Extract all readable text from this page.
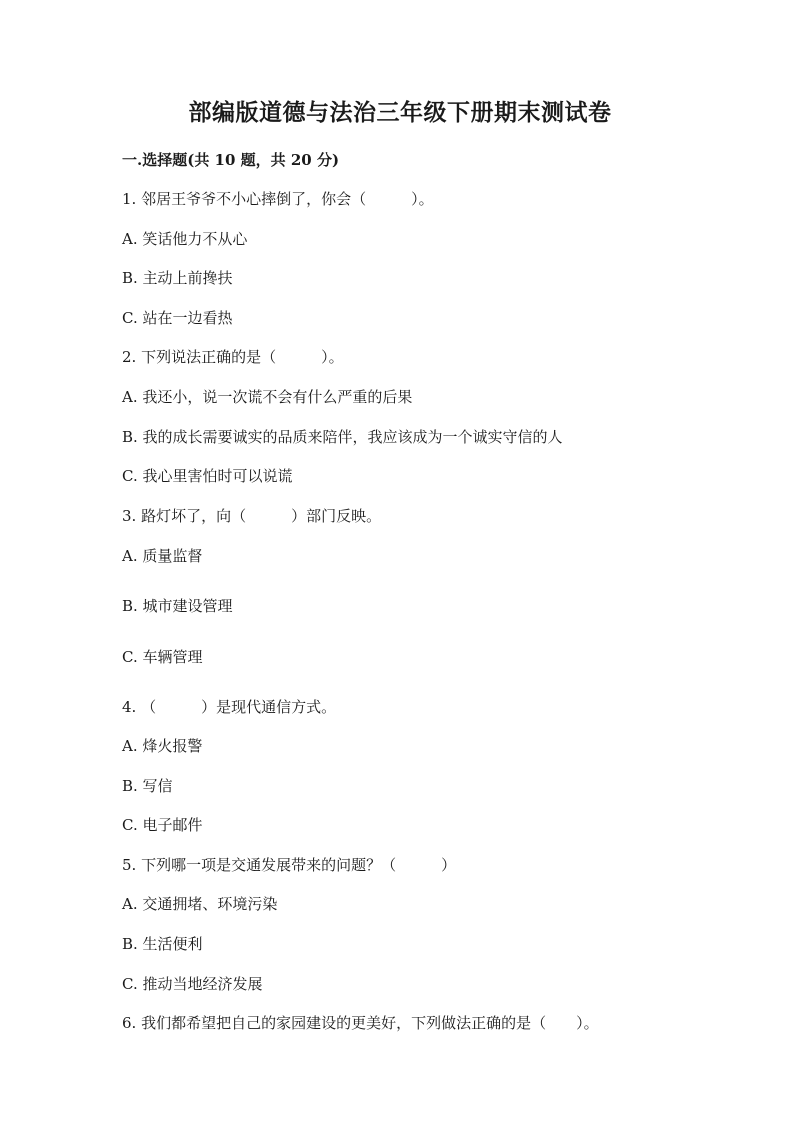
部编版道德与法治三年级下册期末测试卷
一.选择题(共 10 题，共 20 分)
1. 邻居王爷爷不小心摔倒了，你会（　　　）。
A. 笑话他力不从心
B. 主动上前搀扶
C. 站在一边看热
2. 下列说法正确的是（　　　）。
A. 我还小，说一次谎不会有什么严重的后果
B. 我的成长需要诚实的品质来陪伴，我应该成为一个诚实守信的人
C. 我心里害怕时可以说谎
3. 路灯坏了，向（　　　）部门反映。
A. 质量监督
B. 城市建设管理
C. 车辆管理
4. （　　　）是现代通信方式。
A. 烽火报警
B. 写信
C. 电子邮件
5. 下列哪一项是交通发展带来的问题？（　　　）
A. 交通拥堵、环境污染
B. 生活便利
C. 推动当地经济发展
6. 我们都希望把自己的家园建设的更美好，下列做法正确的是（　　）。
